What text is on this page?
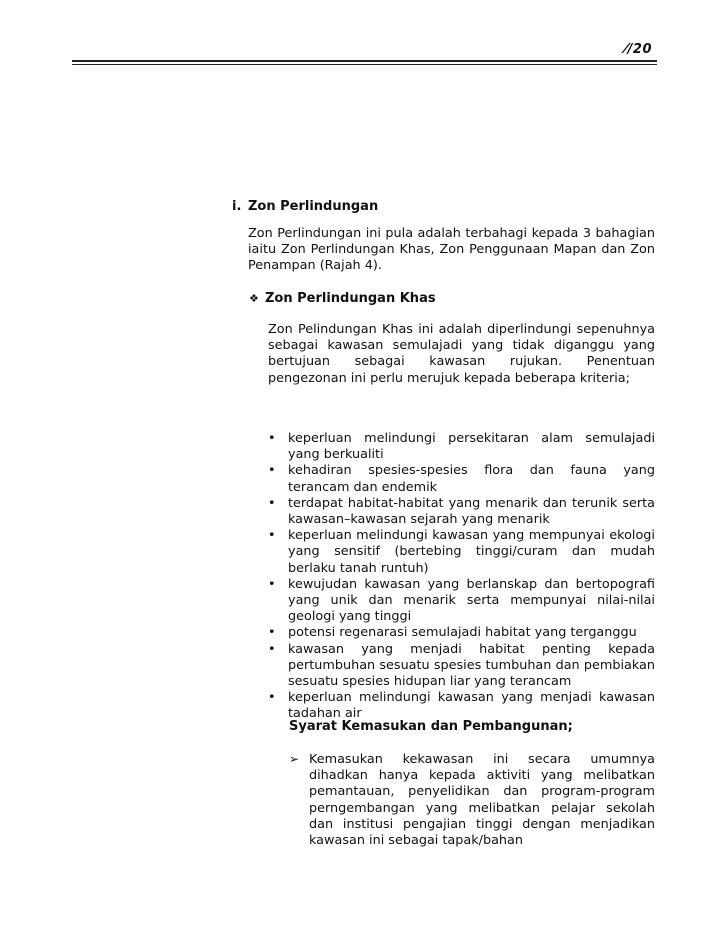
⁄/20
i. Zon Perlindungan

Zon Perlindungan ini pula adalah terbahagi kepada 3 bahagian iaitu Zon Perlindungan Khas, Zon Penggunaan Mapan dan Zon Penampan (Rajah 4).

❖ Zon Perlindungan Khas

Zon Pelindungan Khas ini adalah diperlindungi sepenuhnya sebagai kawasan semulajadi yang tidak diganggu yang bertujuan sebagai kawasan rujukan. Penentuan pengezonan ini perlu merujuk kepada beberapa kriteria;

• keperluan melindungi persekitaran alam semulajadi yang berkualiti
• kehadiran spesies-spesies flora dan fauna yang terancam dan endemik
• terdapat habitat-habitat yang menarik dan terunik serta kawasan–kawasan sejarah yang menarik
• keperluan melindungi kawasan yang mempunyai ekologi yang sensitif (bertebing tinggi/curam dan mudah berlaku tanah runtuh)
• kewujudan kawasan yang berlanskap dan bertopografi yang unik dan menarik serta mempunyai nilai-nilai geologi yang tinggi
• potensi regenarasi semulajadi habitat yang terganggu
• kawasan yang menjadi habitat penting kepada pertumbuhan sesuatu spesies tumbuhan dan pembiakan sesuatu spesies hidupan liar yang terancam
• keperluan melindungi kawasan yang menjadi kawasan tadahan air
Syarat Kemasukan dan Pembangunan;
➢ Kemasukan kekawasan ini secara umumnya dihadkan hanya kepada aktiviti yang melibatkan pemantauan, penyelidikan dan program-program perngembangan yang melibatkan pelajar sekolah dan institusi pengajian tinggi dengan menjadikan kawasan ini sebagai tapak/bahan
